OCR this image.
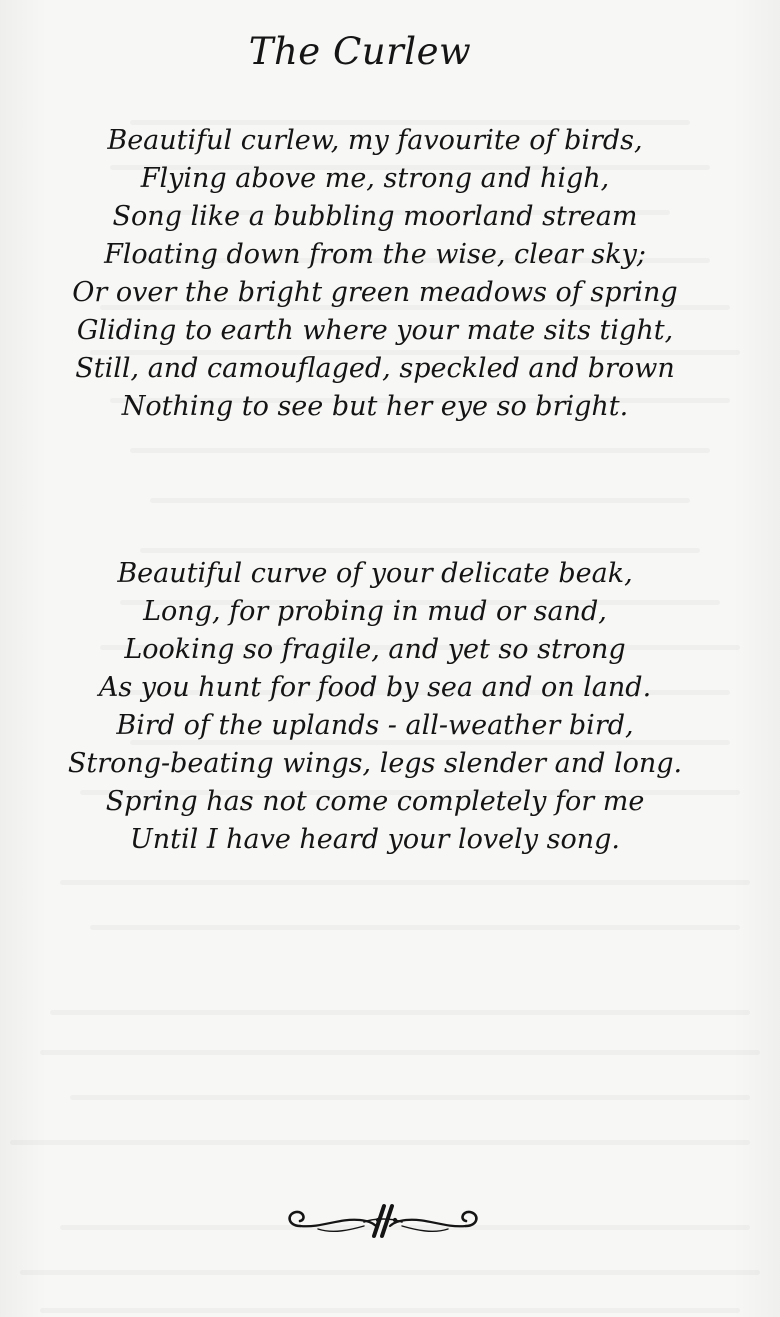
The Curlew
Beautiful curlew, my favourite of birds,
Flying above me, strong and high,
Song like a bubbling moorland stream
Floating down from the wise, clear sky;
Or over the bright green meadows of spring
Gliding to earth where your mate sits tight,
Still, and camouflaged, speckled and brown
Nothing to see but her eye so bright.
Beautiful curve of your delicate beak,
Long, for probing in mud or sand,
Looking so fragile, and yet so strong
As you hunt for food by sea and on land.
Bird of the uplands - all-weather bird,
Strong-beating wings, legs slender and long.
Spring has not come completely for me
Until I have heard your lovely song.
